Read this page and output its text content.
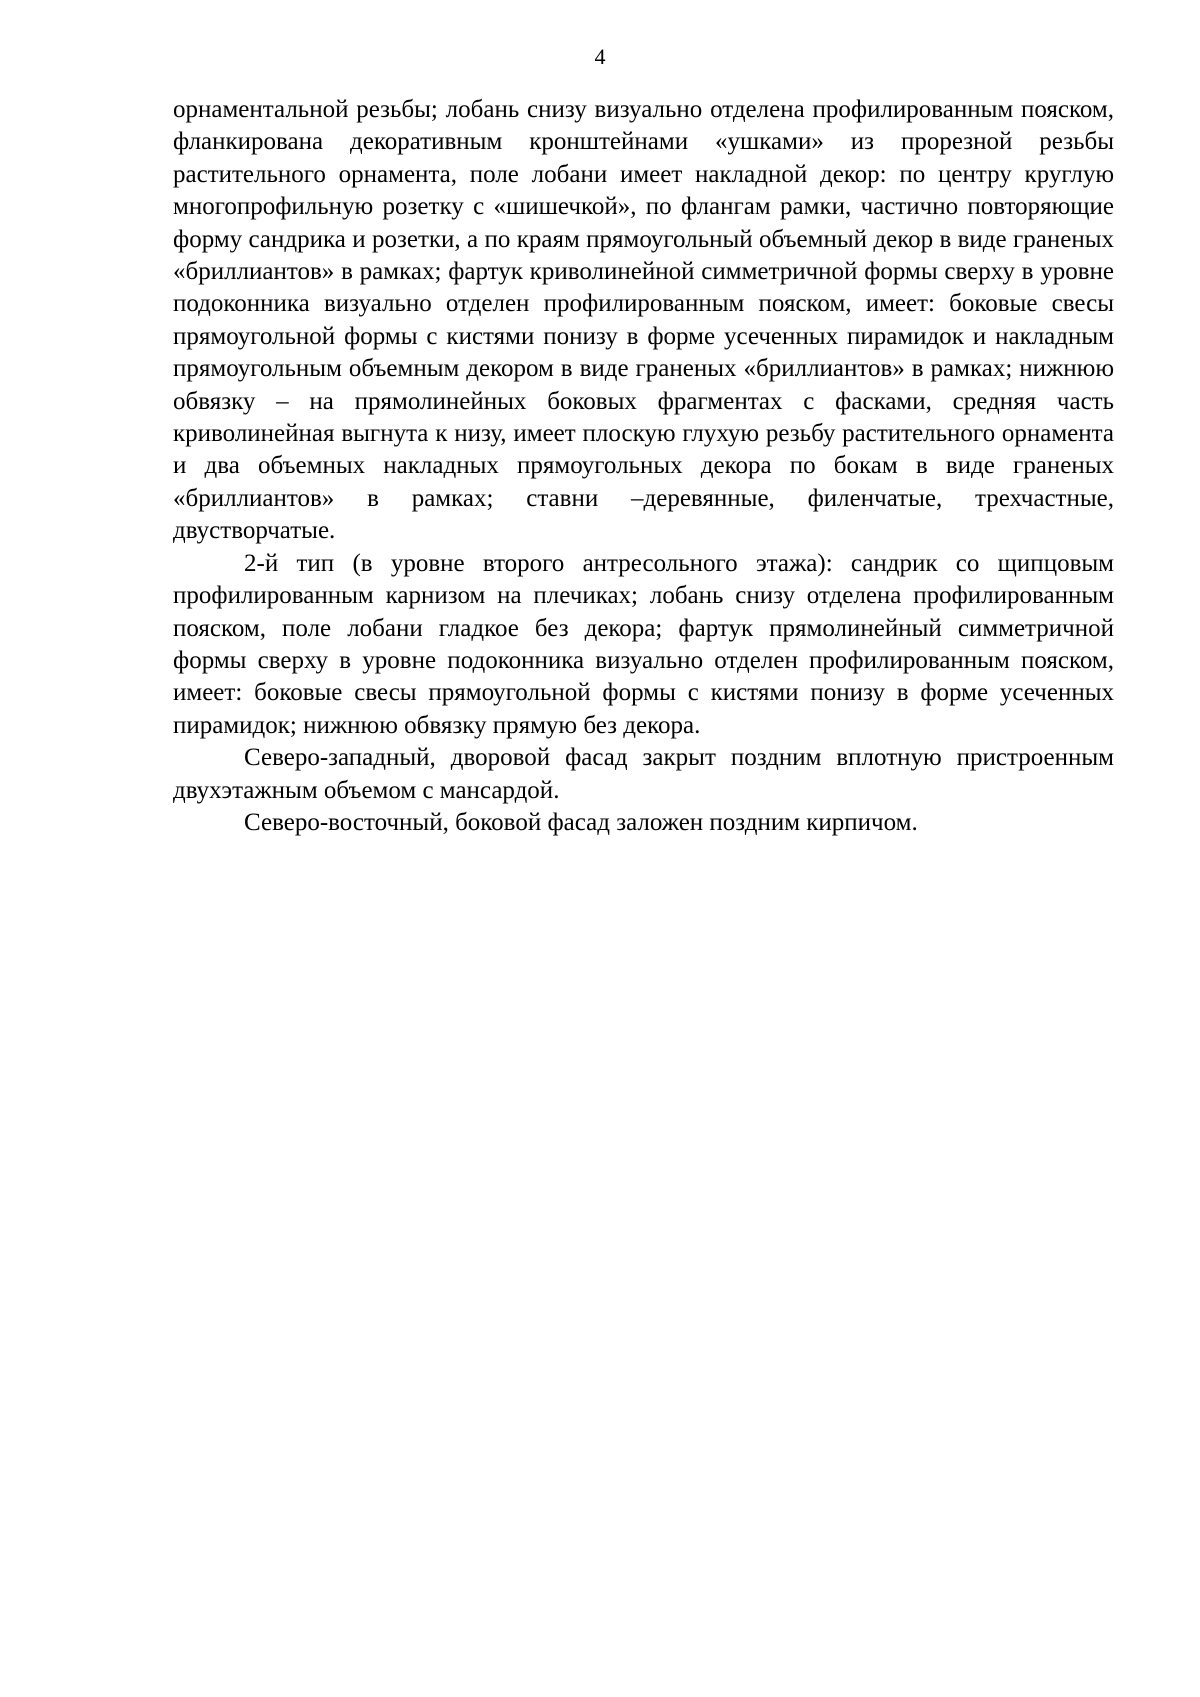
4

орнаментальной резьбы; лобань снизу визуально отделена профилированным пояском, фланкирована декоративным кронштейнами «ушками» из прорезной резьбы растительного орнамента, поле лобани имеет накладной декор: по центру круглую многопрофильную розетку с «шишечкой», по флангам рамки, частично повторяющие форму сандрика и розетки, а по краям прямоугольный объемный декор в виде граненых «бриллиантов» в рамках; фартук криволинейной симметричной формы сверху в уровне подоконника визуально отделен профилированным пояском, имеет: боковые свесы прямоугольной формы с кистями понизу в форме усеченных пирамидок и накладным прямоугольным объемным декором в виде граненых «бриллиантов» в рамках; нижнюю обвязку – на прямолинейных боковых фрагментах с фасками, средняя часть криволинейная выгнута к низу, имеет плоскую глухую резьбу растительного орнамента и два объемных накладных прямоугольных декора по бокам в виде граненых «бриллиантов» в рамках; ставни –деревянные, филенчатые, трехчастные, двустворчатые.

2-й тип (в уровне второго антресольного этажа): сандрик со щипцовым профилированным карнизом на плечиках; лобань снизу отделена профилированным пояском, поле лобани гладкое без декора; фартук прямолинейный симметричной формы сверху в уровне подоконника визуально отделен профилированным пояском, имеет: боковые свесы прямоугольной формы с кистями понизу в форме усеченных пирамидок; нижнюю обвязку прямую без декора.

Северо-западный, дворовой фасад закрыт поздним вплотную пристроенным двухэтажным объемом с мансардой.

Северо-восточный, боковой фасад заложен поздним кирпичом.
